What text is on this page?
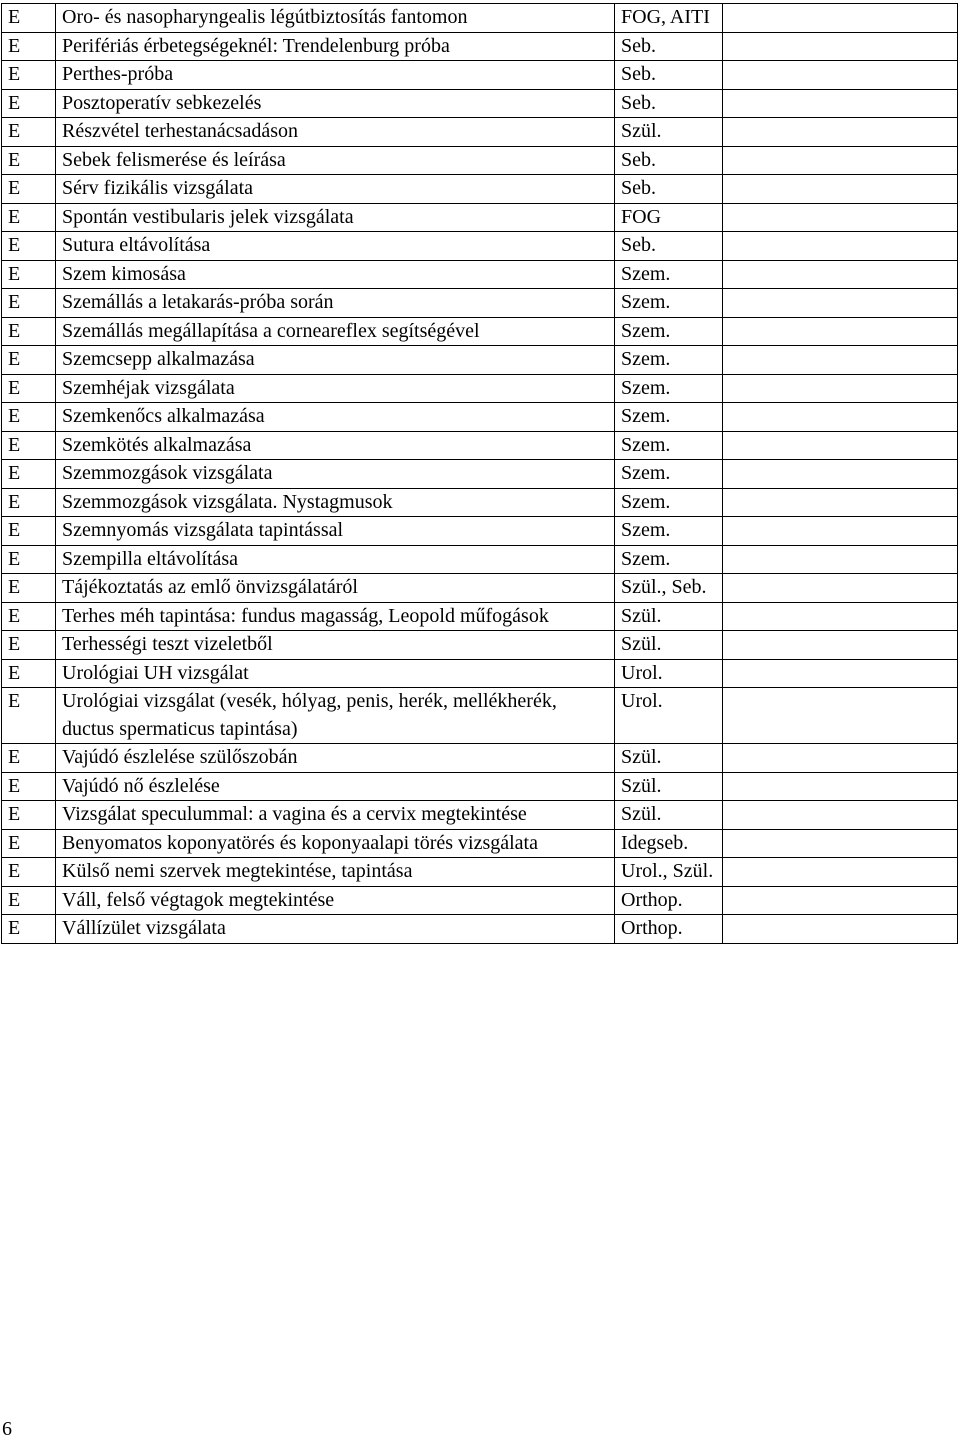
E	Oro- és nasopharyngealis légútbiztosítás fantomon	FOG, AITI	
E	Perifériás érbetegségeknél: Trendelenburg próba	Seb.	
E	Perthes-próba	Seb.	
E	Posztoperatív sebkezelés	Seb.	
E	Részvétel terhestanácsadáson	Szül.	
E	Sebek felismerése és leírása	Seb.	
E	Sérv fizikális vizsgálata	Seb.	
E	Spontán vestibularis jelek vizsgálata	FOG	
E	Sutura eltávolítása	Seb.	
E	Szem kimosása	Szem.	
E	Szemállás a letakarás-próba során	Szem.	
E	Szemállás megállapítása a corneareflex segítségével	Szem.	
E	Szemcsepp alkalmazása	Szem.	
E	Szemhéjak vizsgálata	Szem.	
E	Szemkenőcs alkalmazása	Szem.	
E	Szemkötés alkalmazása	Szem.	
E	Szemmozgások vizsgálata	Szem.	
E	Szemmozgások vizsgálata. Nystagmusok	Szem.	
E	Szemnyomás vizsgálata tapintással	Szem.	
E	Szempilla eltávolítása	Szem.	
E	Tájékoztatás az emlő önvizsgálatáról	Szül., Seb.	
E	Terhes méh tapintása: fundus magasság, Leopold műfogások	Szül.	
E	Terhességi teszt vizeletből	Szül.	
E	Urológiai UH vizsgálat	Urol.	
E	Urológiai vizsgálat (vesék, hólyag, penis, herék, mellékherék, ductus spermaticus tapintása)	Urol.	
E	Vajúdó észlelése szülőszobán	Szül.	
E	Vajúdó nő észlelése	Szül.	
E	Vizsgálat speculummal: a vagina és a cervix megtekintése	Szül.	
E	Benyomatos koponyatörés és koponyaalapi törés vizsgálata	Idegseb.	
E	Külső nemi szervek megtekintése, tapintása	Urol., Szül.	
E	Váll, felső végtagok megtekintése	Orthop.	
E	Vállízület vizsgálata	Orthop.	
6
